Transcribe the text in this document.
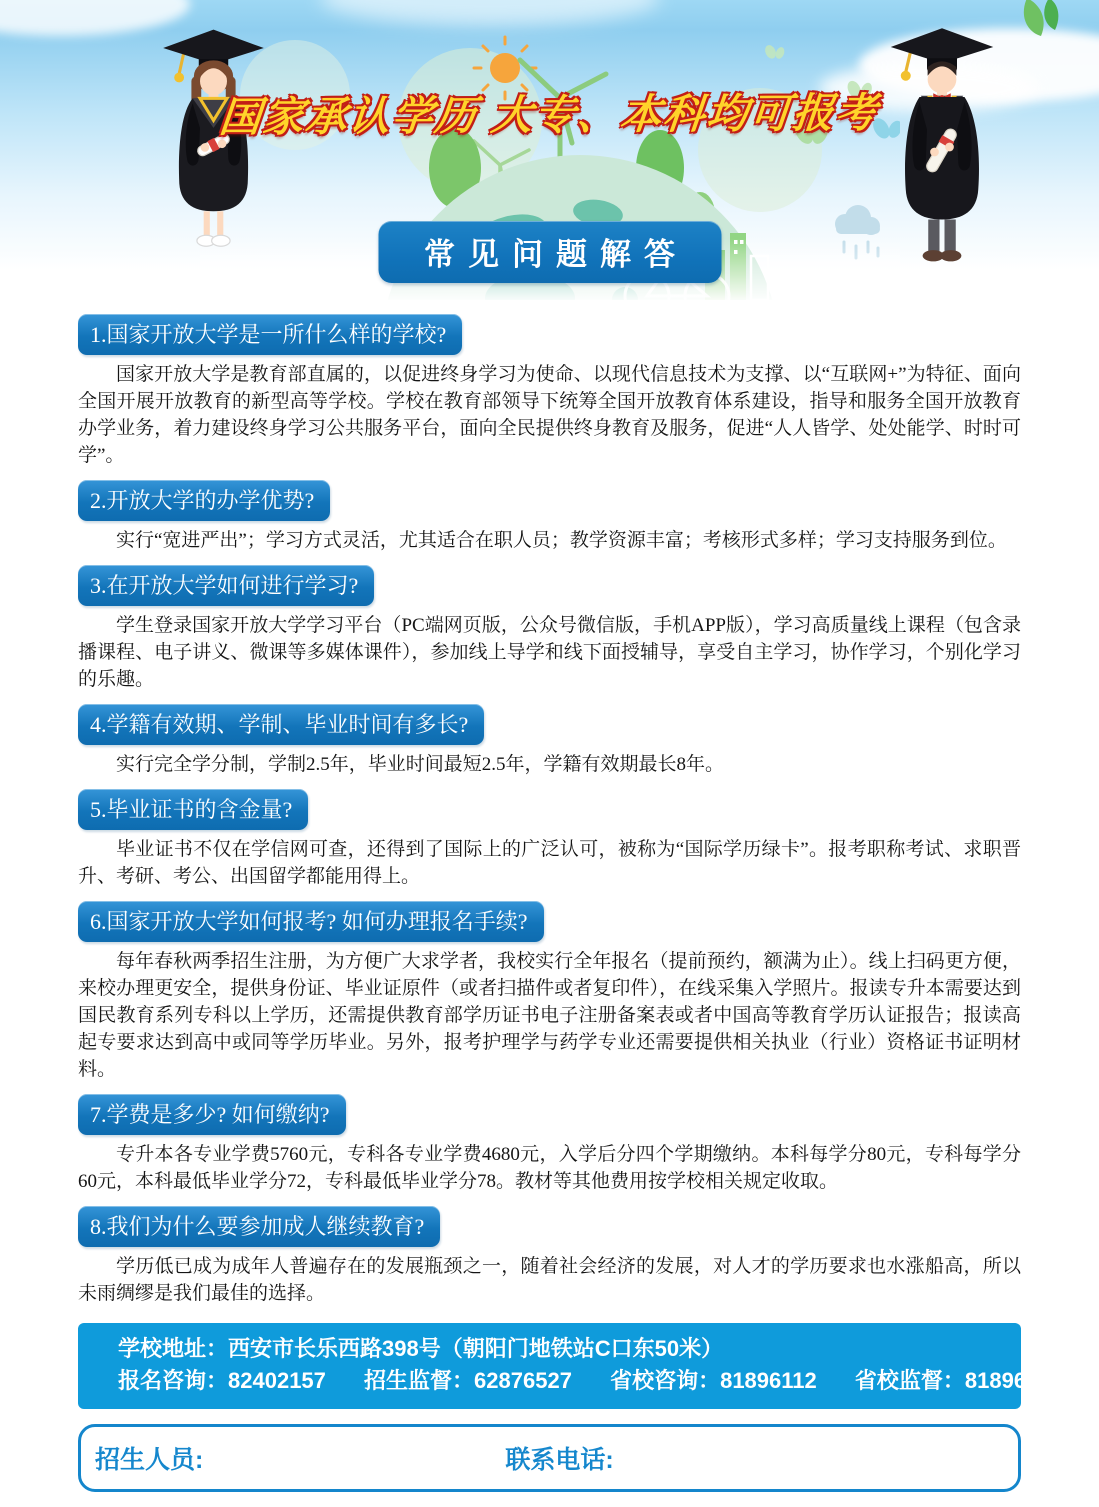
国家承认学历 大专、本科均可报考
常见问题解答
1.国家开放大学是一所什么样的学校?

国家开放大学是教育部直属的，以促进终身学习为使命、以现代信息技术为支撑、以“互联网+”为特征、面向全国开展开放教育的新型高等学校。学校在教育部领导下统筹全国开放教育体系建设，指导和服务全国开放教育办学业务，着力建设终身学习公共服务平台，面向全民提供终身教育及服务，促进“人人皆学、处处能学、时时可学”。

2.开放大学的办学优势?

实行“宽进严出”；学习方式灵活，尤其适合在职人员；教学资源丰富；考核形式多样；学习支持服务到位。

3.在开放大学如何进行学习?

学生登录国家开放大学学习平台（PC端网页版，公众号微信版，手机APP版），学习高质量线上课程（包含录播课程、电子讲义、微课等多媒体课件），参加线上导学和线下面授辅导，享受自主学习，协作学习，个别化学习的乐趣。

4.学籍有效期、学制、毕业时间有多长?

实行完全学分制，学制2.5年，毕业时间最短2.5年，学籍有效期最长8年。

5.毕业证书的含金量?

毕业证书不仅在学信网可查，还得到了国际上的广泛认可，被称为“国际学历绿卡”。报考职称考试、求职晋升、考研、考公、出国留学都能用得上。

6.国家开放大学如何报考? 如何办理报名手续?

每年春秋两季招生注册，为方便广大求学者，我校实行全年报名（提前预约，额满为止）。线上扫码更方便，来校办理更安全，提供身份证、毕业证原件（或者扫描件或者复印件），在线采集入学照片。报读专升本需要达到国民教育系列专科以上学历，还需提供教育部学历证书电子注册备案表或者中国高等教育学历认证报告；报读高起专要求达到高中或同等学历毕业。另外，报考护理学与药学专业还需要提供相关执业（行业）资格证书证明材料。

7.学费是多少? 如何缴纳?

专升本各专业学费5760元，专科各专业学费4680元，入学后分四个学期缴纳。本科每学分80元，专科每学分60元，本科最低毕业学分72，专科最低毕业学分78。教材等其他费用按学校相关规定收取。

8.我们为什么要参加成人继续教育?

学历低已成为成年人普遍存在的发展瓶颈之一，随着社会经济的发展，对人才的学历要求也水涨船高，所以未雨绸缪是我们最佳的选择。

学校地址：西安市长乐西路398号（朝阳门地铁站C口东50米）
报名咨询：82402157 招生监督：62876527 省校咨询：81896112 省校监督：81896113
招生人员:	联系电话:
